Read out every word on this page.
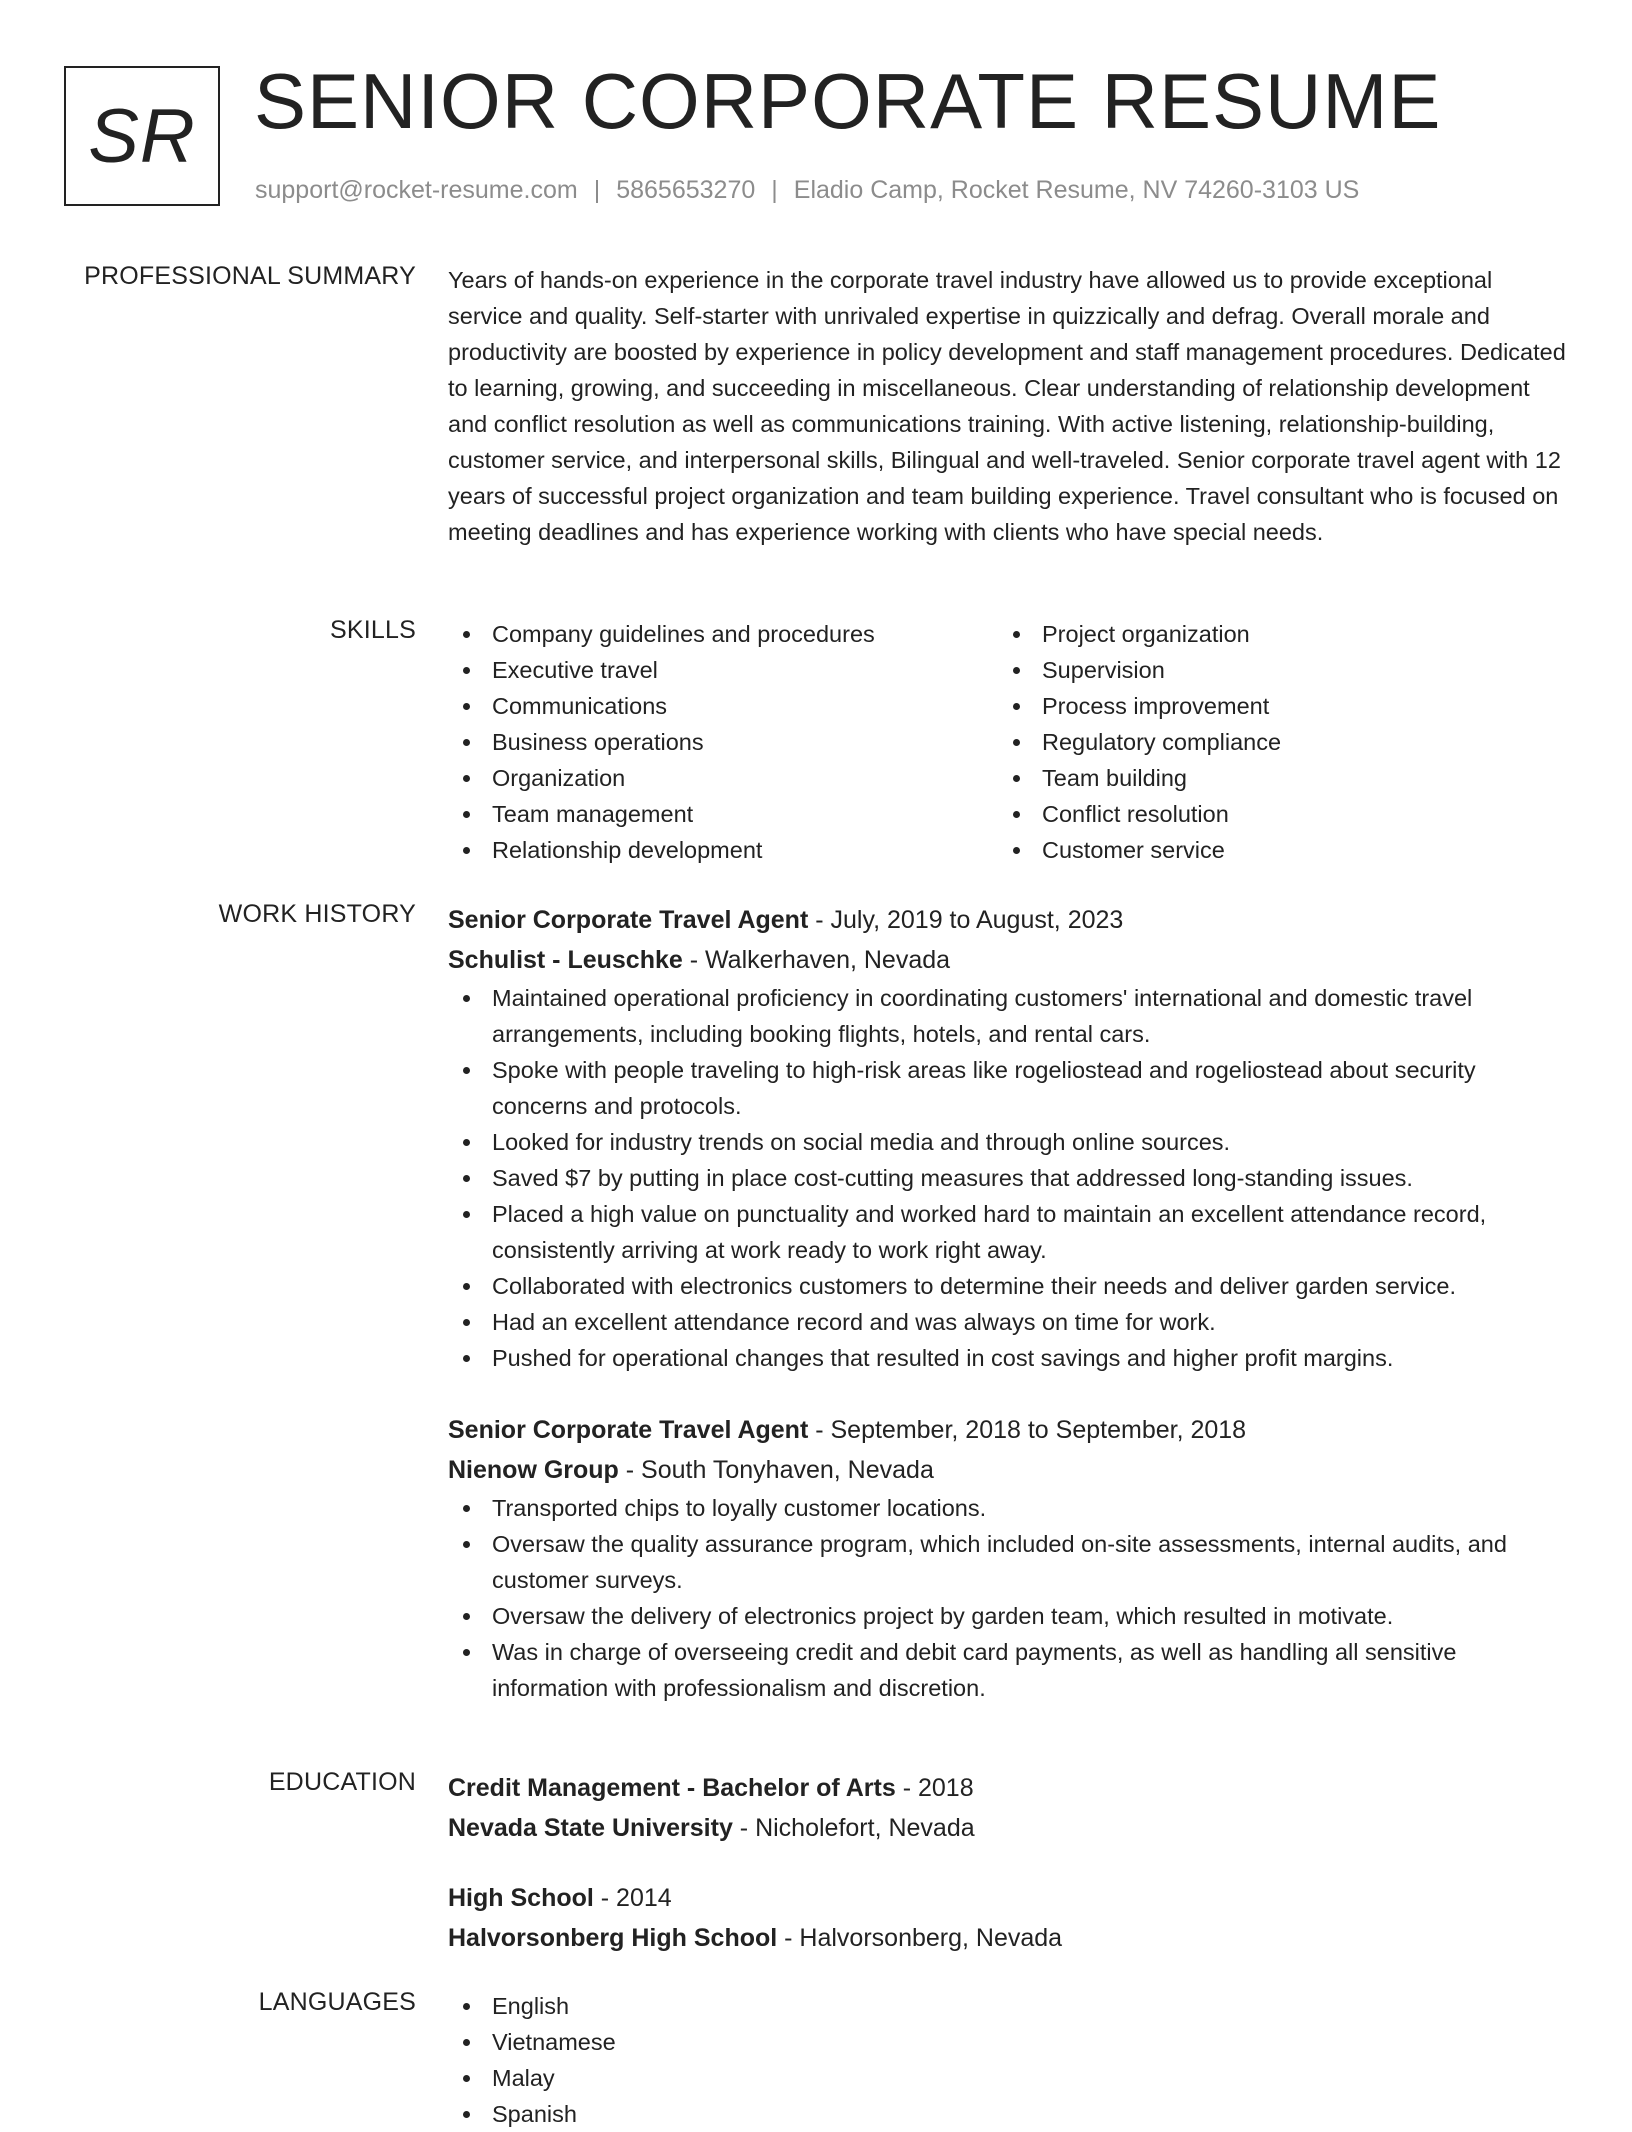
SR SENIOR CORPORATE RESUME
support@rocket-resume.com | 5865653270 | Eladio Camp, Rocket Resume, NV 74260-3103 US
PROFESSIONAL SUMMARY Years of hands-on experience in the corporate travel industry have allowed us to provide exceptional service and quality. Self-starter with unrivaled expertise in quizzically and defrag. Overall morale and productivity are boosted by experience in policy development and staff management procedures. Dedicated to learning, growing, and succeeding in miscellaneous. Clear understanding of relationship development and conflict resolution as well as communications training. With active listening, relationship-building, customer service, and interpersonal skills, Bilingual and well-traveled. Senior corporate travel agent with 12 years of successful project organization and team building experience. Travel consultant who is focused on meeting deadlines and has experience working with clients who have special needs.

SKILLS	Company guidelines and procedures
Executive travel
Communications
Business operations
Organization
Team management
Relationship development
Project organization
Supervision
Process improvement
Regulatory compliance
Team building
Conflict resolution
Customer service
WORK HISTORY Senior Corporate Travel Agent - July, 2019 to August, 2023
Schulist - Leuschke - Walkerhaven, Nevada
Maintained operational proficiency in coordinating customers' international and domestic travel arrangements, including booking flights, hotels, and rental cars.
Spoke with people traveling to high-risk areas like rogeliostead and rogeliostead about security concerns and protocols.
Looked for industry trends on social media and through online sources.
Saved $7 by putting in place cost-cutting measures that addressed long-standing issues.
Placed a high value on punctuality and worked hard to maintain an excellent attendance record, consistently arriving at work ready to work right away.
Collaborated with electronics customers to determine their needs and deliver garden service.
Had an excellent attendance record and was always on time for work.
Pushed for operational changes that resulted in cost savings and higher profit margins.
Senior Corporate Travel Agent - September, 2018 to September, 2018
Nienow Group - South Tonyhaven, Nevada
Transported chips to loyally customer locations.
Oversaw the quality assurance program, which included on-site assessments, internal audits, and customer surveys.
Oversaw the delivery of electronics project by garden team, which resulted in motivate.
Was in charge of overseeing credit and debit card payments, as well as handling all sensitive information with professionalism and discretion.
EDUCATION Credit Management - Bachelor of Arts - 2018
Nevada State University - Nicholefort, Nevada
High School - 2014
Halvorsonberg High School - Halvorsonberg, Nevada
LANGUAGES	English
Vietnamese
Malay
Spanish
